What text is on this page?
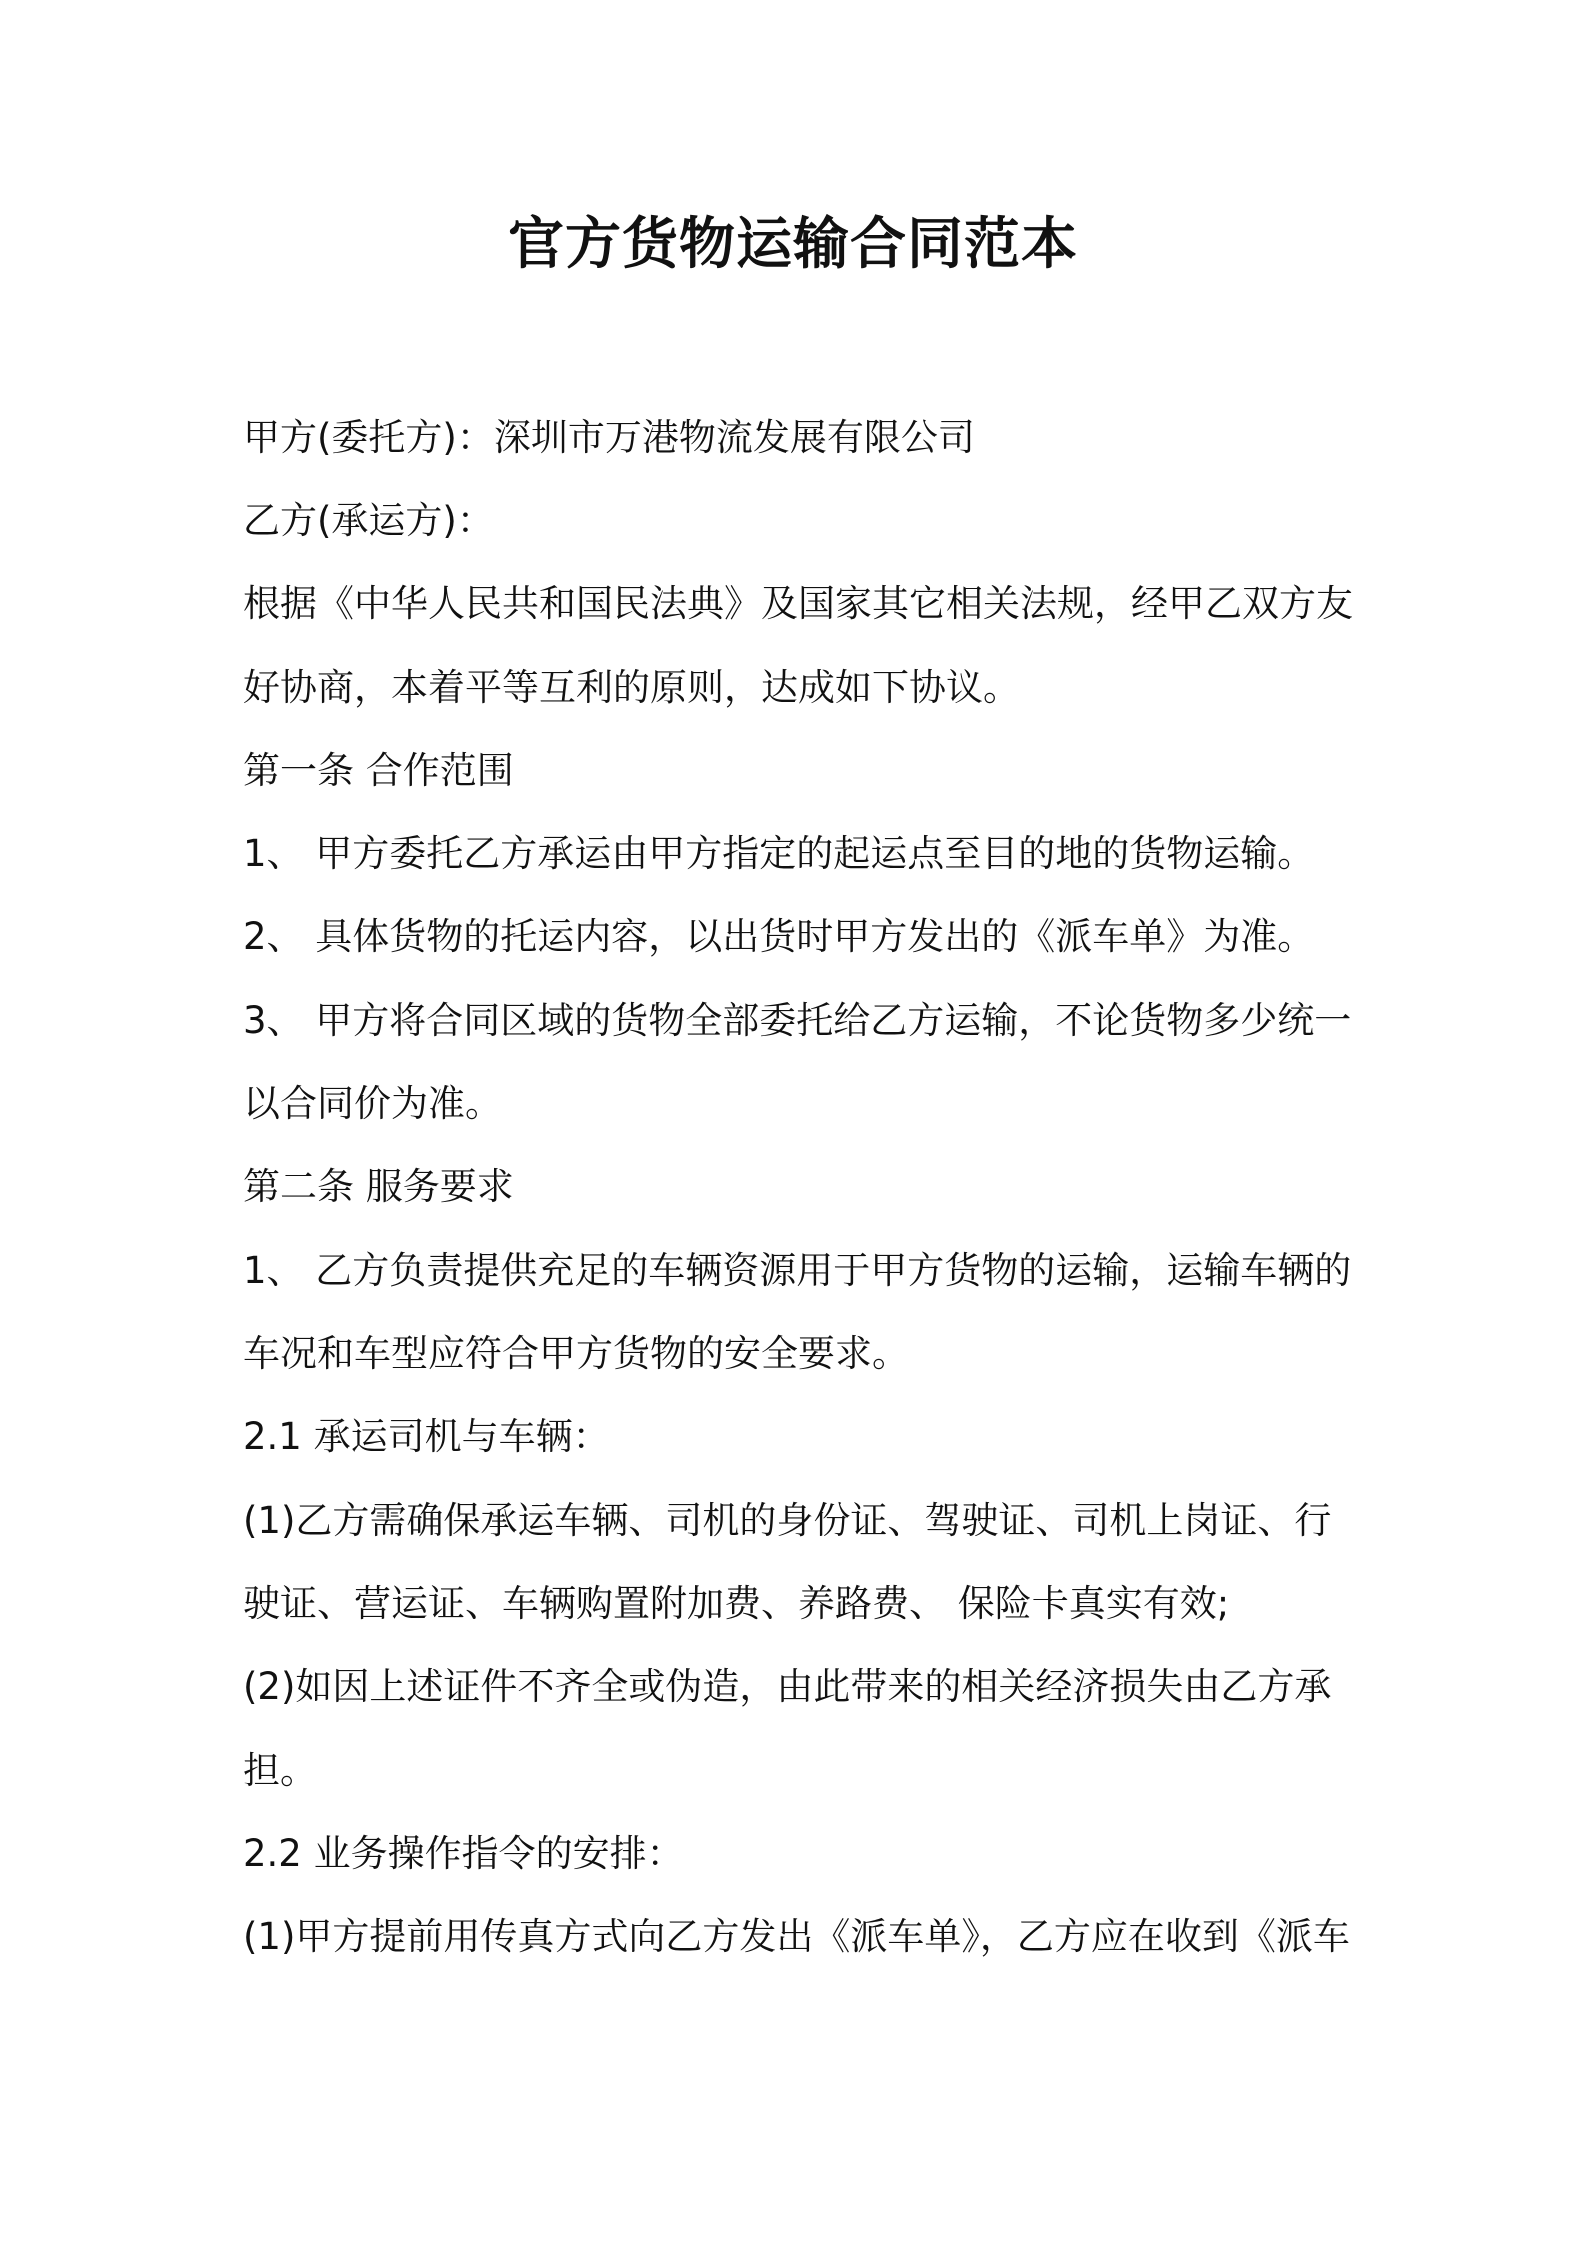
官方货物运输合同范本
甲方(委托方)：深圳市万港物流发展有限公司
乙方(承运方)：
根据《中华人民共和国民法典》及国家其它相关法规，经甲乙双方友
好协商，本着平等互利的原则，达成如下协议。
第一条 合作范围
1、 甲方委托乙方承运由甲方指定的起运点至目的地的货物运输。
2、 具体货物的托运内容，以出货时甲方发出的《派车单》为准。
3、 甲方将合同区域的货物全部委托给乙方运输，不论货物多少统一
以合同价为准。
第二条 服务要求
1、 乙方负责提供充足的车辆资源用于甲方货物的运输，运输车辆的
车况和车型应符合甲方货物的安全要求。
2.1 承运司机与车辆：
(1)乙方需确保承运车辆、司机的身份证、驾驶证、司机上岗证、行
驶证、营运证、车辆购置附加费、养路费、 保险卡真实有效;
(2)如因上述证件不齐全或伪造，由此带来的相关经济损失由乙方承
担。
2.2 业务操作指令的安排：
(1)甲方提前用传真方式向乙方发出《派车单》，乙方应在收到《派车
